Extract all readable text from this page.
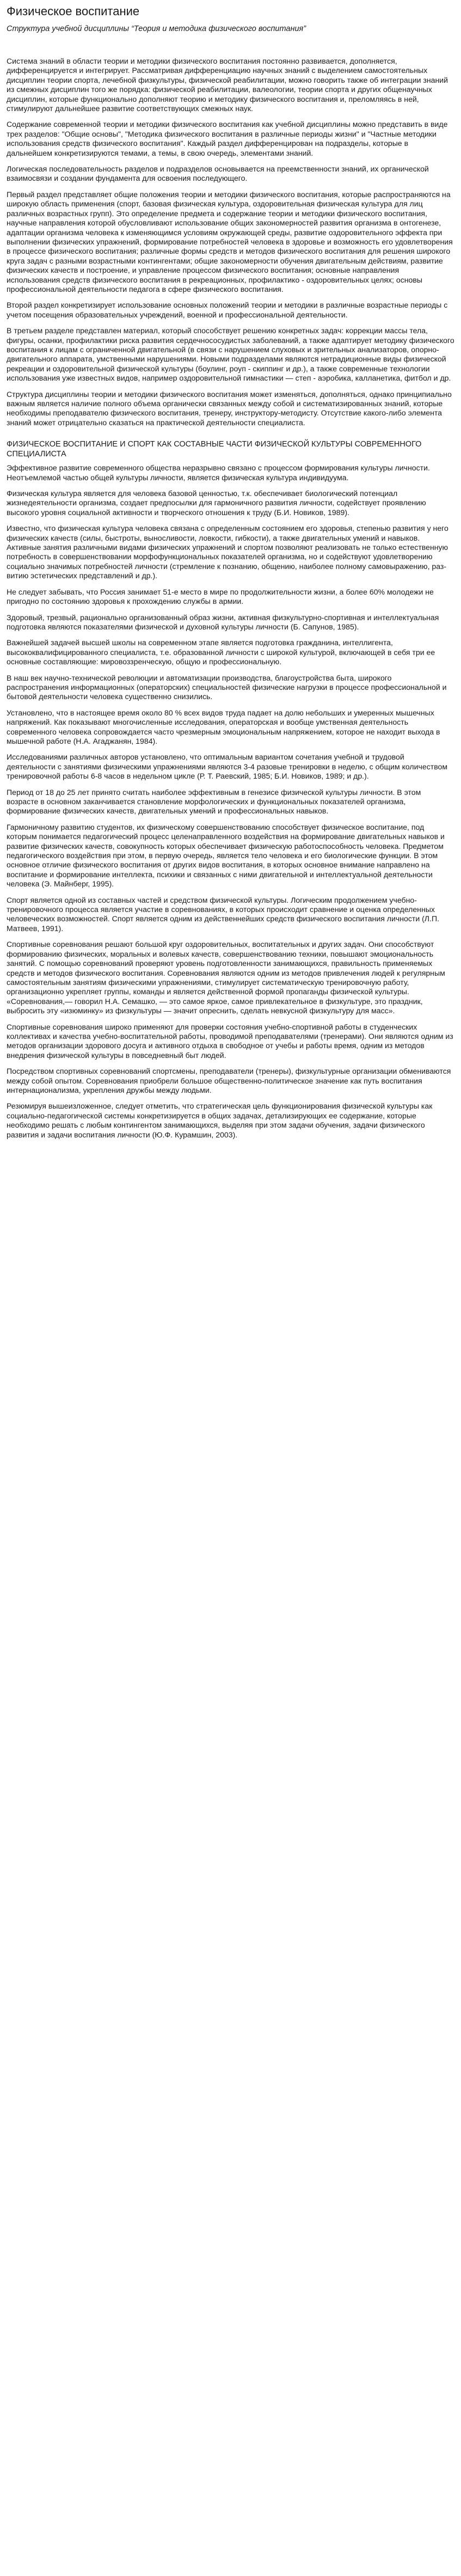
Физическое воспитание
Структура учебной дисциплины “Теория и методика физического воспитания”

Система знаний в области теории и методики физического воспитания постоянно развивается, дополняется, дифференцируется и интегрирует. Рассматривая дифференциацию научных знаний с выделением самостоятельных дисциплин теории спорта, лечебной физкультуры, физической реабилитации, можно говорить также об интеграции знаний из смежных дисциплин того же порядка: физической реабилитации, валеологии, теории спорта и других общенаучных дисциплин, которые функционально дополняют теорию и методику физического воспитания и, преломляясь в ней, стимулируют дальнейшее развитие соответствующих смежных наук.

Содержание современной теории и методики физического воспитания как учебной дисциплины можно представить в виде трех разделов: "Общие основы", "Методика физического воспитания в различные периоды жизни" и "Частные методики использования средств физического воспитания". Каждый раздел дифференцирован на подразделы, которые в дальнейшем конкретизируются темами, а темы, в свою очередь, элементами знаний.

Логическая последовательность разделов и подразделов основывается на преемственности знаний, их органической взаимосвязи и создании фундамента для освоения последующего.

Первый раздел представляет общие положения теории и методики физического воспитания, которые распространяются на широкую область применения (спорт, базовая физическая культура, оздоровительная физическая культура для лиц различных возрастных групп). Это определение предмета и содержание теории и методики физического воспитания, научные направления которой обусловливают использование общих закономерностей развития организма в онтогенезе, адаптации организма человека к изменяющимся условиям окружающей среды, развитие оздоровительного эффекта при выполнении физических упражнений, формирование потребностей человека в здоровье и возможность его удовлетворения в процессе физического воспитания; различные формы средств и методов физического воспитания для решения широкого круга задач с разными возрастными контингентами; общие закономерности обучения двигательным действиям, развитие физических качеств и построение, и управление процессом физического воспитания; основные направления использования средств физического воспитания в рекреационных, профилактико - оздоровительных целях; основы профессиональной деятельности педагога в сфере физического воспитания.

Второй раздел конкретизирует использование основных положений теории и методики в различные возрастные периоды с учетом посещения образовательных учреждений, военной и профессиональной деятельности.

В третьем разделе представлен материал, который способствует решению конкретных задач: коррекции массы тела, фигуры, осанки, профилактики риска развития сердечнососудистых заболеваний, а также адаптирует методику физического воспитания к лицам с ограниченной двигательной (в связи с нарушением слуховых и зрительных анализаторов, опорно-двигательного аппарата, умственными нарушениями. Новыми подразделами являются нетрадиционные виды физической рекреации и оздоровительной физической культуры (боулинг, роуп - скиппинг и др.), а также современные технологии использования уже известных видов, например оздоровительной гимнастики — степ - аэробика, калланетика, фитбол и др.

Структура дисциплины теории и методики физического воспитания может изменяться, дополняться, однако принципиально важным является наличие полного объема органически связанных между собой и систематизированных знаний, которые необходимы преподавателю физического воспитания, тренеру, инструктору-методисту. Отсутствие какого-либо элемента знаний может отрицательно сказаться на практической деятельности специалиста.

ФИЗИЧЕСКОЕ ВОСПИТАНИЕ И СПОРТ КАК СОСТАВНЫЕ ЧАСТИ ФИЗИЧЕСКОЙ КУЛЬТУРЫ СОВРЕМЕННОГО СПЕЦИАЛИСТА

Эффективное развитие современного общества неразрывно связано с процессом формирования культуры личности. Неотъемлемой частью общей культуры личности, является физическая культура индивидуума.

Физическая культура является для человека базовой ценностью, т.к. обеспечивает биологический потенциал жизнедеятельности организма, создает предпосылки для гармоничного развития личности, содействует проявлению высокого уровня социальной активности и творческого отношения к труду (Б.И. Новиков, 1989).

Известно, что физическая культура человека связана с определенным состоянием его здоровья, степенью развития у него физических качеств (силы, быстроты, выносливости, ловкости, гибкости), а также двигательных умений и навыков. Активные занятия различными видами физических упражнений и спортом позволяют реализовать не только естественную потребность в совершенствовании морфофункциональных показателей организма, но и содействуют удовлетворению социально значимых потребностей личности (стремление к познанию, общению, наиболее полному самовыражению, раз-витию эстетических представлений и др.).

Не следует забывать, что Россия занимает 51-е место в мире по продолжительности жизни, а более 60% молодежи не пригодно по состоянию здоровья к прохождению службы в армии.

Здоровый, трезвый, рационально организованный образ жизни, активная физкультурно-спортивная и интеллектуальная подготовка являются показателями физической и духовной культуры личности (Б. Сапунов, 1985).

Важнейшей задачей высшей школы на современном этапе является подготовка гражданина, интеллигента, высококвалифицированного специалиста, т.е. образованной личности с широкой культурой, включающей в себя три ее основные составляющие: мировоззренческую, общую и профессиональную.

В наш век научно-технической революции и автоматизации производства, благоустройства быта, широкого распространения информационных (операторских) специальностей физические нагрузки в процессе профессиональной и бытовой деятельности человека существенно снизились.

Установлено, что в настоящее время около 80 % всех видов труда падает на долю небольших и умеренных мышечных напряжений. Как показывают многочисленные исследования, операторская и вообще умственная деятельность современного человека сопровождается часто чрезмерным эмоциональным напряжением, которое не находит выхода в мышечной работе (Н.А. Агаджанян, 1984).

Исследованиями различных авторов установлено, что оптимальным вариантом сочетания учебной и трудовой деятельности с занятиями физическими упражнениями являются 3-4 разовые тренировки в неделю, с общим количеством тренировочной работы 6-8 часов в недельном цикле (Р. Т. Раевский, 1985; Б.И. Новиков, 1989; и др.).

Период от 18 до 25 лет принято считать наиболее эффективным в генезисе физической культуры личности. В этом возрасте в основном заканчивается становление морфологических и функциональных показателей организма, формирование физических качеств, двигательных умений и профессиональных навыков.

Гармоничному развитию студентов, их физическому совершенствованию способствует физическое воспитание, под которым понимается педагогический процесс целенаправленного воздействия на формирование двигательных навыков и развитие физических качеств, совокупность которых обеспечивает физическую работоспособность человека. Предметом педагогического воздействия при этом, в первую очередь, является тело человека и его биологические функции. В этом основное отличие физического воспитания от других видов воспитания, в которых основное внимание направлено на воспитание и формирование интеллекта, психики и связанных с ними двигательной и интеллектуальной деятельности человека (Э. Майнберг, 1995).

Спорт является одной из составных частей и средством физической культуры. Логическим продолжением учебно-тренировочного процесса является участие в соревнованиях, в которых происходит сравнение и оценка определенных человеческих возможностей. Спорт является одним из действеннейших средств физического воспитания личности (Л.П. Матвеев, 1991).

Спортивные соревнования решают большой круг оздоровительных, воспитательных и других задач. Они способствуют формированию физических, моральных и волевых качеств, совершенствованию техники, повышают эмоциональность занятий. С помощью соревнований проверяют уровень подготовленности занимающихся, правильность применяемых средств и методов физического воспитания. Соревнования являются одним из методов привлечения людей к регулярным самостоятельным занятиям физическими упражнениями, стимулирует систематическую тренировочную работу, организационно укрепляет группы, команды и является действенной формой пропаганды физической культуры. «Соревнования,— говорил Н.А. Семашко, — это самое яркое, самое привлекательное в физкультуре, это праздник, выбросить эту «изюминку» из физкультуры — значит опреснить, сделать невкусной физкультуру для масс».

Спортивные соревнования широко применяют для проверки состояния учебно-спортивной работы в студенческих коллективах и качества учебно-воспитательной работы, проводимой преподавателями (тренерами). Они являются одним из методов организации здорового досуга и активного отдыха в свободное от учебы и работы время, одним из методов внедрения физической культуры в повседневный быт людей.

Посредством спортивных соревнований спортсмены, преподаватели (тренеры), физкультурные организации обмениваются между собой опытом. Соревнования приобрели большое общественно-политическое значение как путь воспитания интернационализма, укрепления дружбы между людьми.

Резюмируя вышеизложенное, следует отметить, что стратегическая цель функционирования физической культуры как социально-педагогической системы конкретизируется в общих задачах, детализирующих ее содержание, которые необходимо решать с любым контингентом занимающихся, выделяя при этом задачи обучения, задачи физического развития и задачи воспитания личности (Ю.Ф. Курамшин, 2003).
